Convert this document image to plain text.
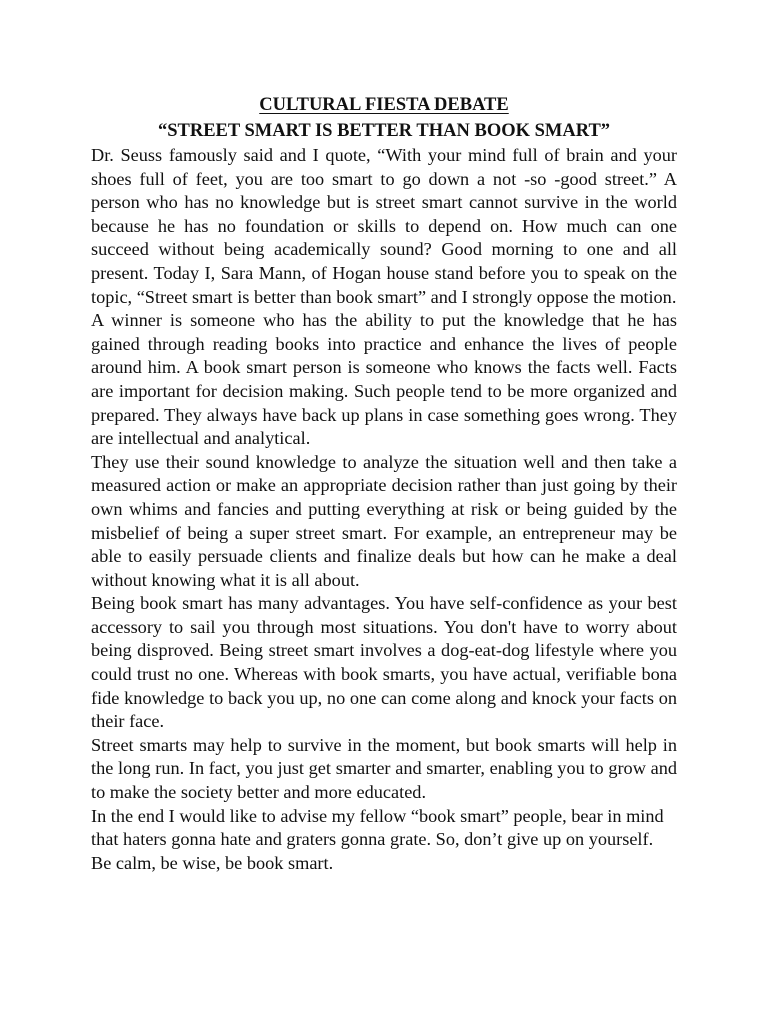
CULTURAL FIESTA DEBATE
“STREET SMART IS BETTER THAN BOOK SMART”

Dr. Seuss famously said and I quote, “With your mind full of brain and your shoes full of feet, you are too smart to go down a not -so -good street.” A person who has no knowledge but is street smart cannot survive in the world because he has no foundation or skills to depend on. How much can one succeed without being academically sound? Good morning to one and all present. Today I, Sara Mann, of Hogan house stand before you to speak on the topic, “Street smart is better than book smart” and I strongly oppose the motion.

A winner is someone who has the ability to put the knowledge that he has gained through reading books into practice and enhance the lives of people around him. A book smart person is someone who knows the facts well. Facts are important for decision making. Such people tend to be more organized and prepared. They always have back up plans in case something goes wrong. They are intellectual and analytical.

They use their sound knowledge to analyze the situation well and then take a measured action or make an appropriate decision rather than just going by their own whims and fancies and putting everything at risk or being guided by the misbelief of being a super street smart. For example, an entrepreneur may be able to easily persuade clients and finalize deals but how can he make a deal without knowing what it is all about.

Being book smart has many advantages. You have self-confidence as your best accessory to sail you through most situations. You don't have to worry about being disproved. Being street smart involves a dog-eat-dog lifestyle where you could trust no one. Whereas with book smarts, you have actual, verifiable bona fide knowledge to back you up, no one can come along and knock your facts on their face.

Street smarts may help to survive in the moment, but book smarts will help in the long run. In fact, you just get smarter and smarter, enabling you to grow and to make the society better and more educated.

In the end I would like to advise my fellow “book smart” people, bear in mind that haters gonna hate and graters gonna grate. So, don’t give up on yourself. Be calm, be wise, be book smart.
